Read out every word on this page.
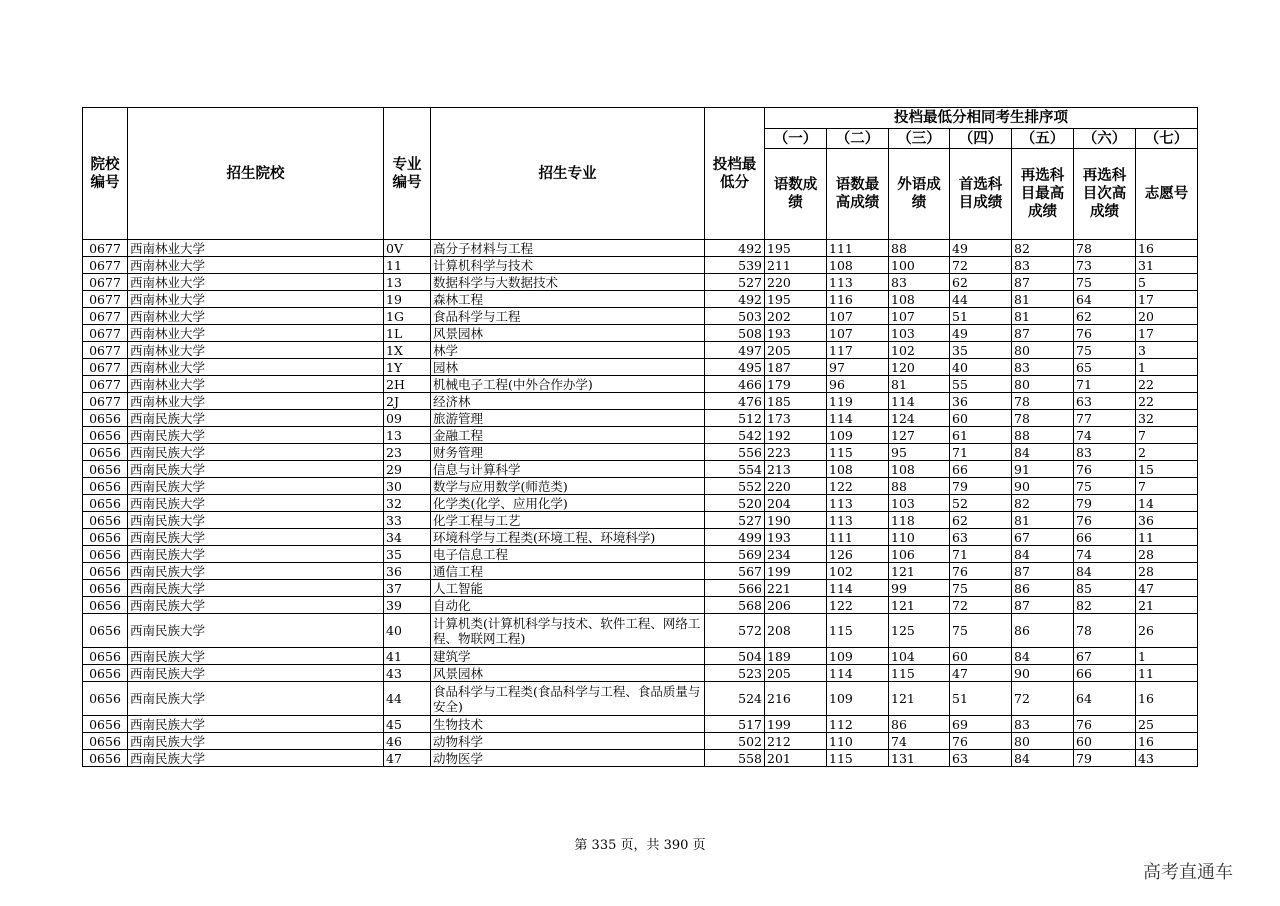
院校编号	招生院校	专业编号	招生专业	投档最低分	投档最低分相同考生排序项						
					（一）	（二）	（三）	（四）	（五）	（六）	（七）
					语数成绩	语数最高成绩	外语成绩	首选科目成绩	再选科目最高成绩	再选科目次高成绩	志愿号
0677	西南林业大学	0V	高分子材料与工程	492	195	111	88	49	82	78	16
0677	西南林业大学	11	计算机科学与技术	539	211	108	100	72	83	73	31
0677	西南林业大学	13	数据科学与大数据技术	527	220	113	83	62	87	75	5
0677	西南林业大学	19	森林工程	492	195	116	108	44	81	64	17
0677	西南林业大学	1G	食品科学与工程	503	202	107	107	51	81	62	20
0677	西南林业大学	1L	风景园林	508	193	107	103	49	87	76	17
0677	西南林业大学	1X	林学	497	205	117	102	35	80	75	3
0677	西南林业大学	1Y	园林	495	187	97	120	40	83	65	1
0677	西南林业大学	2H	机械电子工程(中外合作办学)	466	179	96	81	55	80	71	22
0677	西南林业大学	2J	经济林	476	185	119	114	36	78	63	22
0656	西南民族大学	09	旅游管理	512	173	114	124	60	78	77	32
0656	西南民族大学	13	金融工程	542	192	109	127	61	88	74	7
0656	西南民族大学	23	财务管理	556	223	115	95	71	84	83	2
0656	西南民族大学	29	信息与计算科学	554	213	108	108	66	91	76	15
0656	西南民族大学	30	数学与应用数学(师范类)	552	220	122	88	79	90	75	7
0656	西南民族大学	32	化学类(化学、应用化学)	520	204	113	103	52	82	79	14
0656	西南民族大学	33	化学工程与工艺	527	190	113	118	62	81	76	36
0656	西南民族大学	34	环境科学与工程类(环境工程、环境科学)	499	193	111	110	63	67	66	11
0656	西南民族大学	35	电子信息工程	569	234	126	106	71	84	74	28
0656	西南民族大学	36	通信工程	567	199	102	121	76	87	84	28
0656	西南民族大学	37	人工智能	566	221	114	99	75	86	85	47
0656	西南民族大学	39	自动化	568	206	122	121	72	87	82	21
0656	西南民族大学	40	计算机类(计算机科学与技术、软件工程、网络工程、物联网工程)	572	208	115	125	75	86	78	26
0656	西南民族大学	41	建筑学	504	189	109	104	60	84	67	1
0656	西南民族大学	43	风景园林	523	205	114	115	47	90	66	11
0656	西南民族大学	44	食品科学与工程类(食品科学与工程、食品质量与安全)	524	216	109	121	51	72	64	16
0656	西南民族大学	45	生物技术	517	199	112	86	69	83	76	25
0656	西南民族大学	46	动物科学	502	212	110	74	76	80	60	16
0656	西南民族大学	47	动物医学	558	201	115	131	63	84	79	43
第 335 页，共 390 页
高考直通车
